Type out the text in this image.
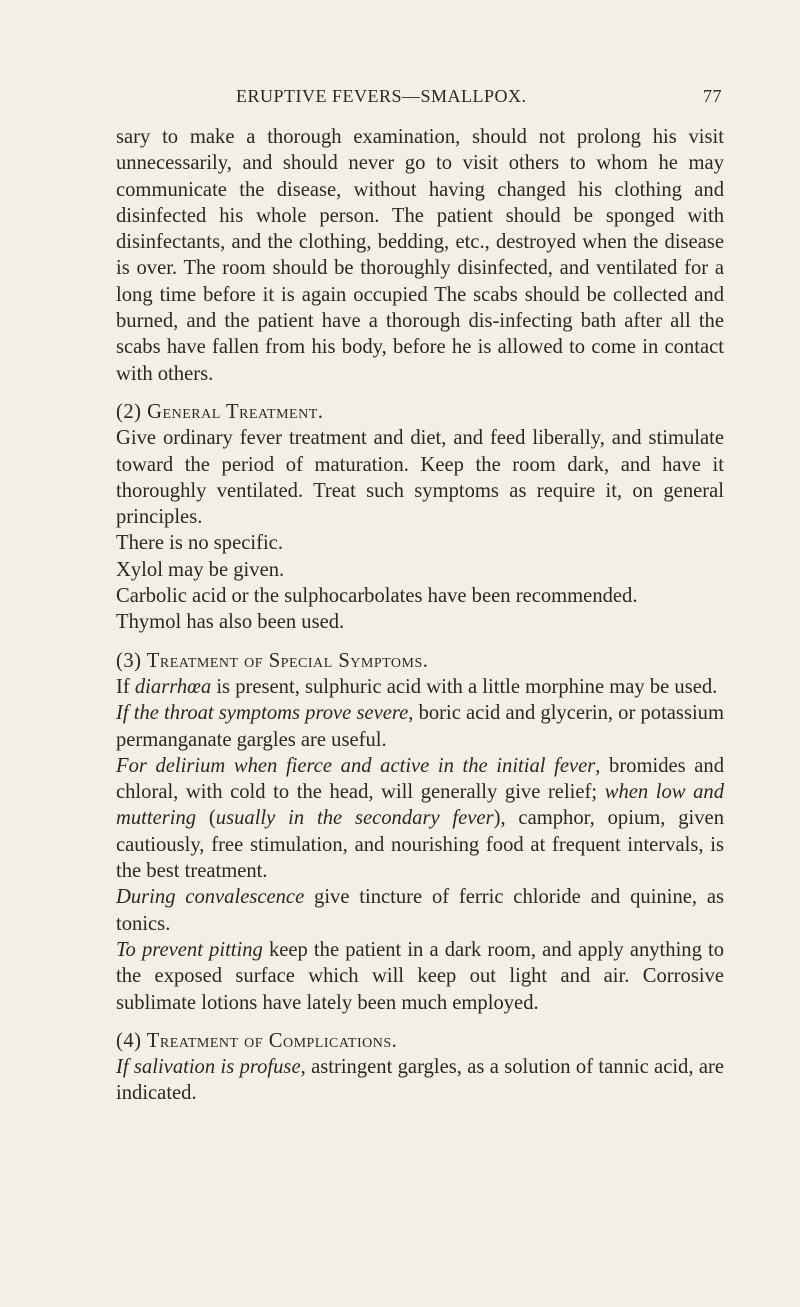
ERUPTIVE FEVERS—SMALLPOX.	77

sary to make a thorough examination, should not prolong his visit unnecessarily, and should never go to visit others to whom he may communicate the disease, without having changed his clothing and disinfected his whole person. The patient should be sponged with disinfectants, and the clothing, bedding, etc., destroyed when the disease is over. The room should be thoroughly disinfected, and ventilated for a long time before it is again occupied The scabs should be collected and burned, and the patient have a thorough dis-infecting bath after all the scabs have fallen from his body, before he is allowed to come in contact with others.

(2) General Treatment.

Give ordinary fever treatment and diet, and feed liberally, and stimulate toward the period of maturation. Keep the room dark, and have it thoroughly ventilated. Treat such symptoms as require it, on general principles.

There is no specific.

Xylol may be given.

Carbolic acid or the sulphocarbolates have been recommended.

Thymol has also been used.

(3) Treatment of Special Symptoms.

If diarrhœa is present, sulphuric acid with a little morphine may be used.

If the throat symptoms prove severe, boric acid and glycerin, or potassium permanganate gargles are useful.

For delirium when fierce and active in the initial fever, bromides and chloral, with cold to the head, will generally give relief; when low and muttering (usually in the secondary fever), camphor, opium, given cautiously, free stimulation, and nourishing food at frequent intervals, is the best treatment.

During convalescence give tincture of ferric chloride and quinine, as tonics.

To prevent pitting keep the patient in a dark room, and apply anything to the exposed surface which will keep out light and air. Corrosive sublimate lotions have lately been much employed.

(4) Treatment of Complications.

If salivation is profuse, astringent gargles, as a solution of tannic acid, are indicated.
